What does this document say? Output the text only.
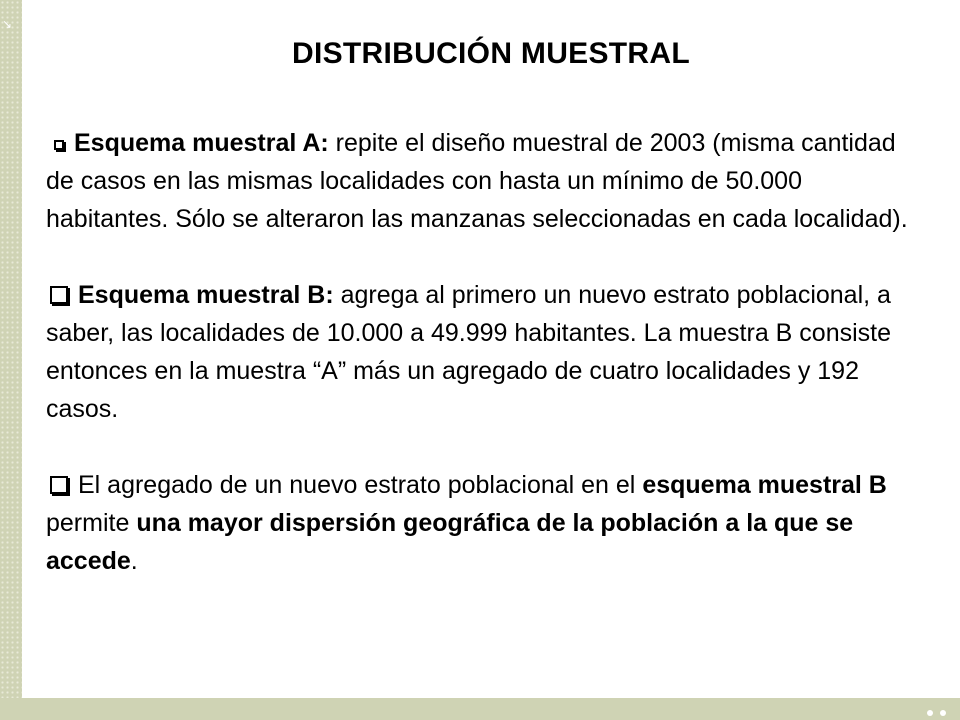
↘
DISTRIBUCIÓN MUESTRAL

Esquema muestral A: repite el diseño muestral de 2003 (misma cantidad de casos en las mismas localidades con hasta un mínimo de 50.000 habitantes. Sólo se alteraron las manzanas seleccionadas en cada localidad).

Esquema muestral B: agrega al primero un nuevo estrato poblacional, a saber, las localidades de 10.000 a 49.999 habitantes. La muestra B consiste entonces en la muestra “A” más un agregado de cuatro localidades y 192 casos.

El agregado de un nuevo estrato poblacional en el esquema muestral B permite una mayor dispersión geográfica de la población a la que se accede.
